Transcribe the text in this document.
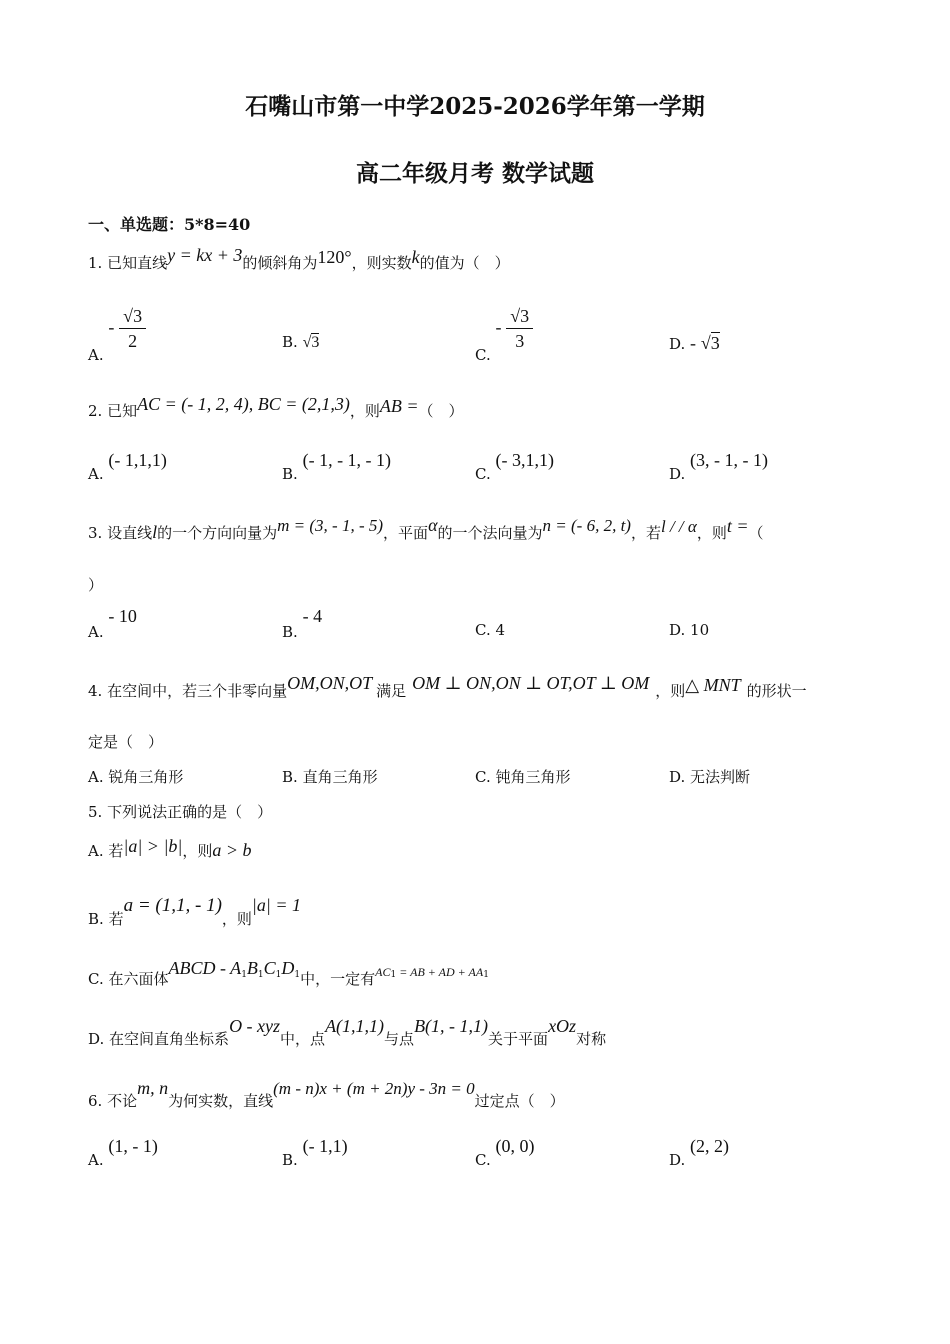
石嘴山市第一中学2025-2026学年第一学期
高二年级月考 数学试题
一、单选题：5*8=40
1. 已知直线y = kx + 3的倾斜角为120°，则实数k的值为（　）
A. - $\frac{√3}{2}$	B. √3
C. - $\frac{√3}{3}$	D. - √3
2. 已知AC = (- 1, 2, 4), BC = (2,1,3)，则AB =（　）
A. (- 1,1,1)
B. (- 1, - 1, - 1)
C. (- 3,1,1)
D. (3, - 1, - 1)
3. 设直线l的一个方向向量为m = (3, - 1, - 5)，平面α的一个法向量为n = (- 6, 2, t)，若l / / α，则t =（
）
A. - 10
B. - 4
C. 4	D. 10
4. 在空间中，若三个非零向量OM,ON,OT 满足 OM ⊥ ON,ON ⊥ OT,OT ⊥ OM ，则△ MNT 的形状一
定是（　）
A. 锐角三角形	B. 直角三角形	C. 钝角三角形	D. 无法判断
5. 下列说法正确的是（　）
A. 若|a| > |b|，则a > b
B. 若a = (1,1, - 1)，则|a| = 1
C. 在六面体ABCD - $A_1B_1C_1D_1$中，一定有$AC_1$ = AB + AD + $AA_1$
D. 在空间直角坐标系O - xyz中，点A(1,1,1)与点B(1, - 1,1)关于平面xOz对称
6. 不论m, n为何实数，直线(m - n)x + (m + 2n)y - 3n = 0过定点（　）
A. (1, - 1)
B. (- 1,1)
C. (0, 0)
D. (2, 2)
